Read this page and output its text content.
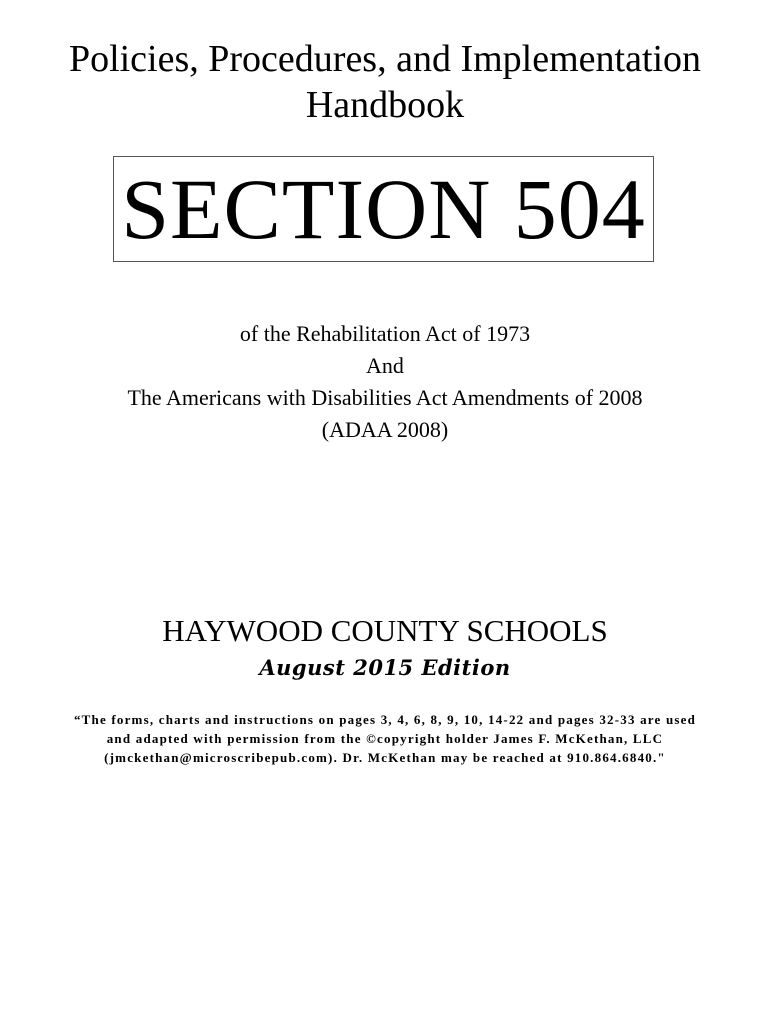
Policies, Procedures, and Implementation
Handbook
SECTION 504
of the Rehabilitation Act of 1973
And
The Americans with Disabilities Act Amendments of 2008
(ADAA 2008)
HAYWOOD COUNTY SCHOOLS
August 2015 Edition
“The forms, charts and instructions on pages 3, 4, 6, 8, 9, 10, 14-22 and pages 32-33 are used
and adapted with permission from the ©copyright holder James F. McKethan, LLC
(jmckethan@microscribepub.com). Dr. McKethan may be reached at 910.864.6840."
